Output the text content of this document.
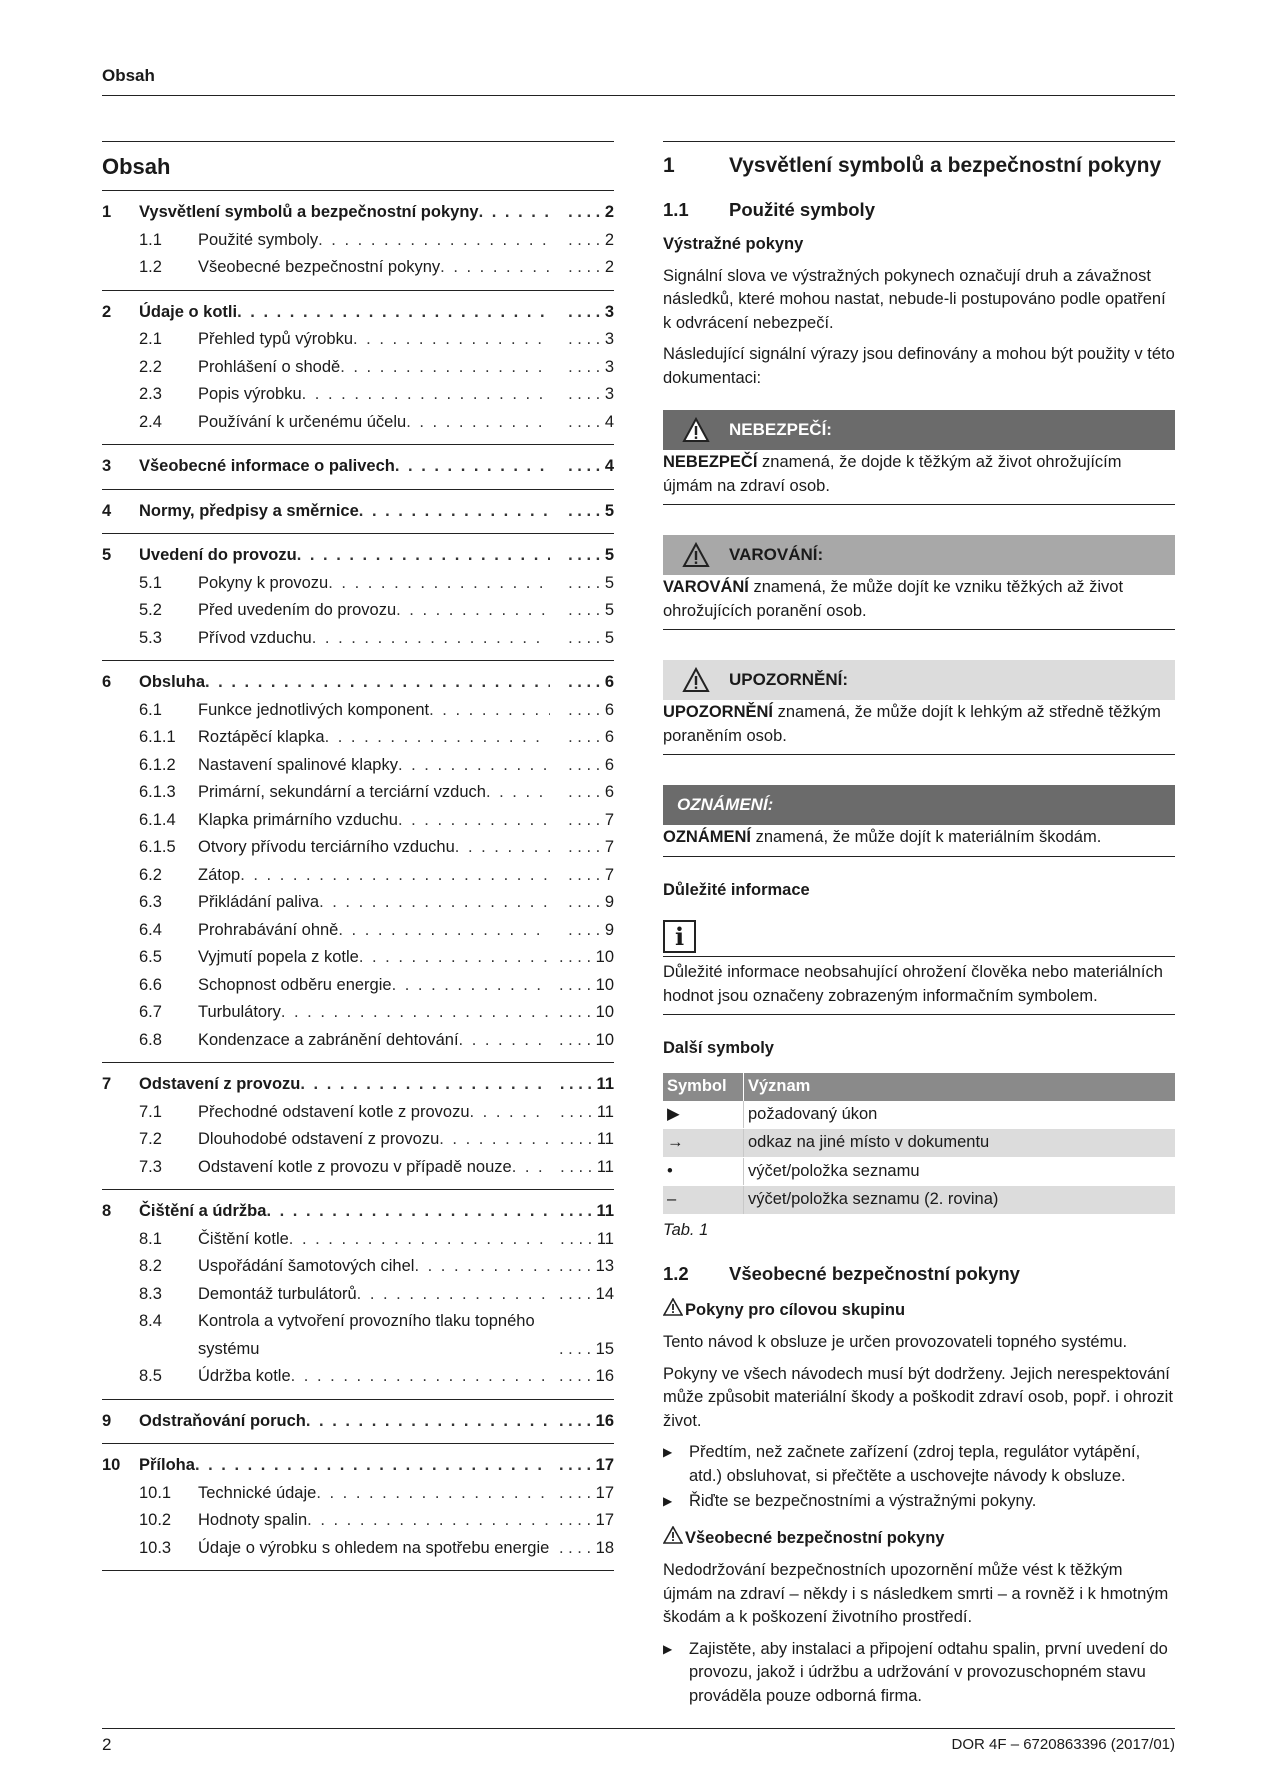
Obsah
Obsah
1	Vysvětlení symbolů a bezpečnostní pokyny . . .	. . . . 2
1.1	Použité symboly . . .	. . . . 2
1.2	Všeobecné bezpečnostní pokyny . . .	. . . . 2
2	Údaje o kotli . . .	. . . . 3
2.1	Přehled typů výrobku . . .	. . . . 3
2.2	Prohlášení o shodě . . .	. . . . 3
2.3	Popis výrobku . . .	. . . . 3
2.4	Používání k určenému účelu . . .	. . . . 4
3	Všeobecné informace o palivech . . .	. . . . 4
4	Normy, předpisy a směrnice . . .	. . . . 5
5	Uvedení do provozu . . .	. . . . 5
5.1	Pokyny k provozu . . .	. . . . 5
5.2	Před uvedením do provozu . . .	. . . . 5
5.3	Přívod vzduchu . . .	. . . . 5
6	Obsluha . . .	. . . . 6
6.1	Funkce jednotlivých komponent . . .	. . . . 6
6.1.1	Roztápěcí klapka . . .	. . . . 6
6.1.2	Nastavení spalinové klapky . . .	. . . . 6
6.1.3	Primární, sekundární a terciární vzduch . . .	. . . . 6
6.1.4	Klapka primárního vzduchu . . .	. . . . 7
6.1.5	Otvory přívodu terciárního vzduchu . . .	. . . . 7
6.2	Zátop . . .	. . . . 7
6.3	Přikládání paliva . . .	. . . . 9
6.4	Prohrabávání ohně . . .	. . . . 9
6.5	Vyjmutí popela z kotle . . .	. . . . 10
6.6	Schopnost odběru energie . . .	. . . . 10
6.7	Turbulátory . . .	. . . . 10
6.8	Kondenzace a zabránění dehtování . . .	. . . . 10
7	Odstavení z provozu . . .	. . . . 11
7.1	Přechodné odstavení kotle z provozu . . .	. . . . 11
7.2	Dlouhodobé odstavení z provozu . . .	. . . . 11
7.3	Odstavení kotle z provozu v případě nouze . . .	. . . . 11
8	Čištění a údržba . . .	. . . . 11
8.1	Čištění kotle . . .	. . . . 11
8.2	Uspořádání šamotových cihel . . .	. . . . 13
8.3	Demontáž turbulátorů . . .	. . . . 14
8.4	Kontrola a vytvoření provozního tlaku topného systému	. . . . 15
8.5	Údržba kotle . . .	. . . . 16
9	Odstraňování poruch . . .	. . . . 16
10	Příloha . . .	. . . . 17
10.1	Technické údaje . . .	. . . . 17
10.2	Hodnoty spalin . . .	. . . . 17
10.3	Údaje o výrobku s ohledem na spotřebu energie	. . . . 18
1	Vysvětlení symbolů a bezpečnostní pokyny
1.1	Použité symboly
Výstražné pokyny
Signální slova ve výstražných pokynech označují druh a závažnost následků, které mohou nastat, nebude-li postupováno podle opatření k odvrácení nebezpečí.
Následující signální výrazy jsou definovány a mohou být použity v této dokumentaci:
NEBEZPEČÍ:
NEBEZPEČÍ znamená, že dojde k těžkým až život ohrožujícím újmám na zdraví osob.
VAROVÁNÍ:
VAROVÁNÍ znamená, že může dojít ke vzniku těžkých až život ohrožujících poranění osob.
UPOZORNĚNÍ:
UPOZORNĚNÍ znamená, že může dojít k lehkým až středně těžkým poraněním osob.
OZNÁMENÍ:
OZNÁMENÍ znamená, že může dojít k materiálním škodám.
Důležité informace
i
Důležité informace neobsahující ohrožení člověka nebo materiálních hodnot jsou označeny zobrazeným informačním symbolem.
Další symboly
Symbol	Význam
▶	požadovaný úkon
→	odkaz na jiné místo v dokumentu
•	výčet/položka seznamu
–	výčet/položka seznamu (2. rovina)
Tab. 1
1.2	Všeobecné bezpečnostní pokyny
Pokyny pro cílovou skupinu
Tento návod k obsluze je určen provozovateli topného systému.
Pokyny ve všech návodech musí být dodrženy. Jejich nerespektování může způsobit materiální škody a poškodit zdraví osob, popř. i ohrozit život.
▶ Předtím, než začnete zařízení (zdroj tepla, regulátor vytápění, atd.) obsluhovat, si přečtěte a uschovejte návody k obsluze.
▶ Řiďte se bezpečnostními a výstražnými pokyny.
Všeobecné bezpečnostní pokyny
Nedodržování bezpečnostních upozornění může vést k těžkým újmám na zdraví – někdy i s následkem smrti – a rovněž i k hmotným škodám a k poškození životního prostředí.
▶ Zajistěte, aby instalaci a připojení odtahu spalin, první uvedení do provozu, jakož i údržbu a udržování v provozuschopném stavu prováděla pouze odborná firma.
2	DOR 4F – 6720863396 (2017/01)
